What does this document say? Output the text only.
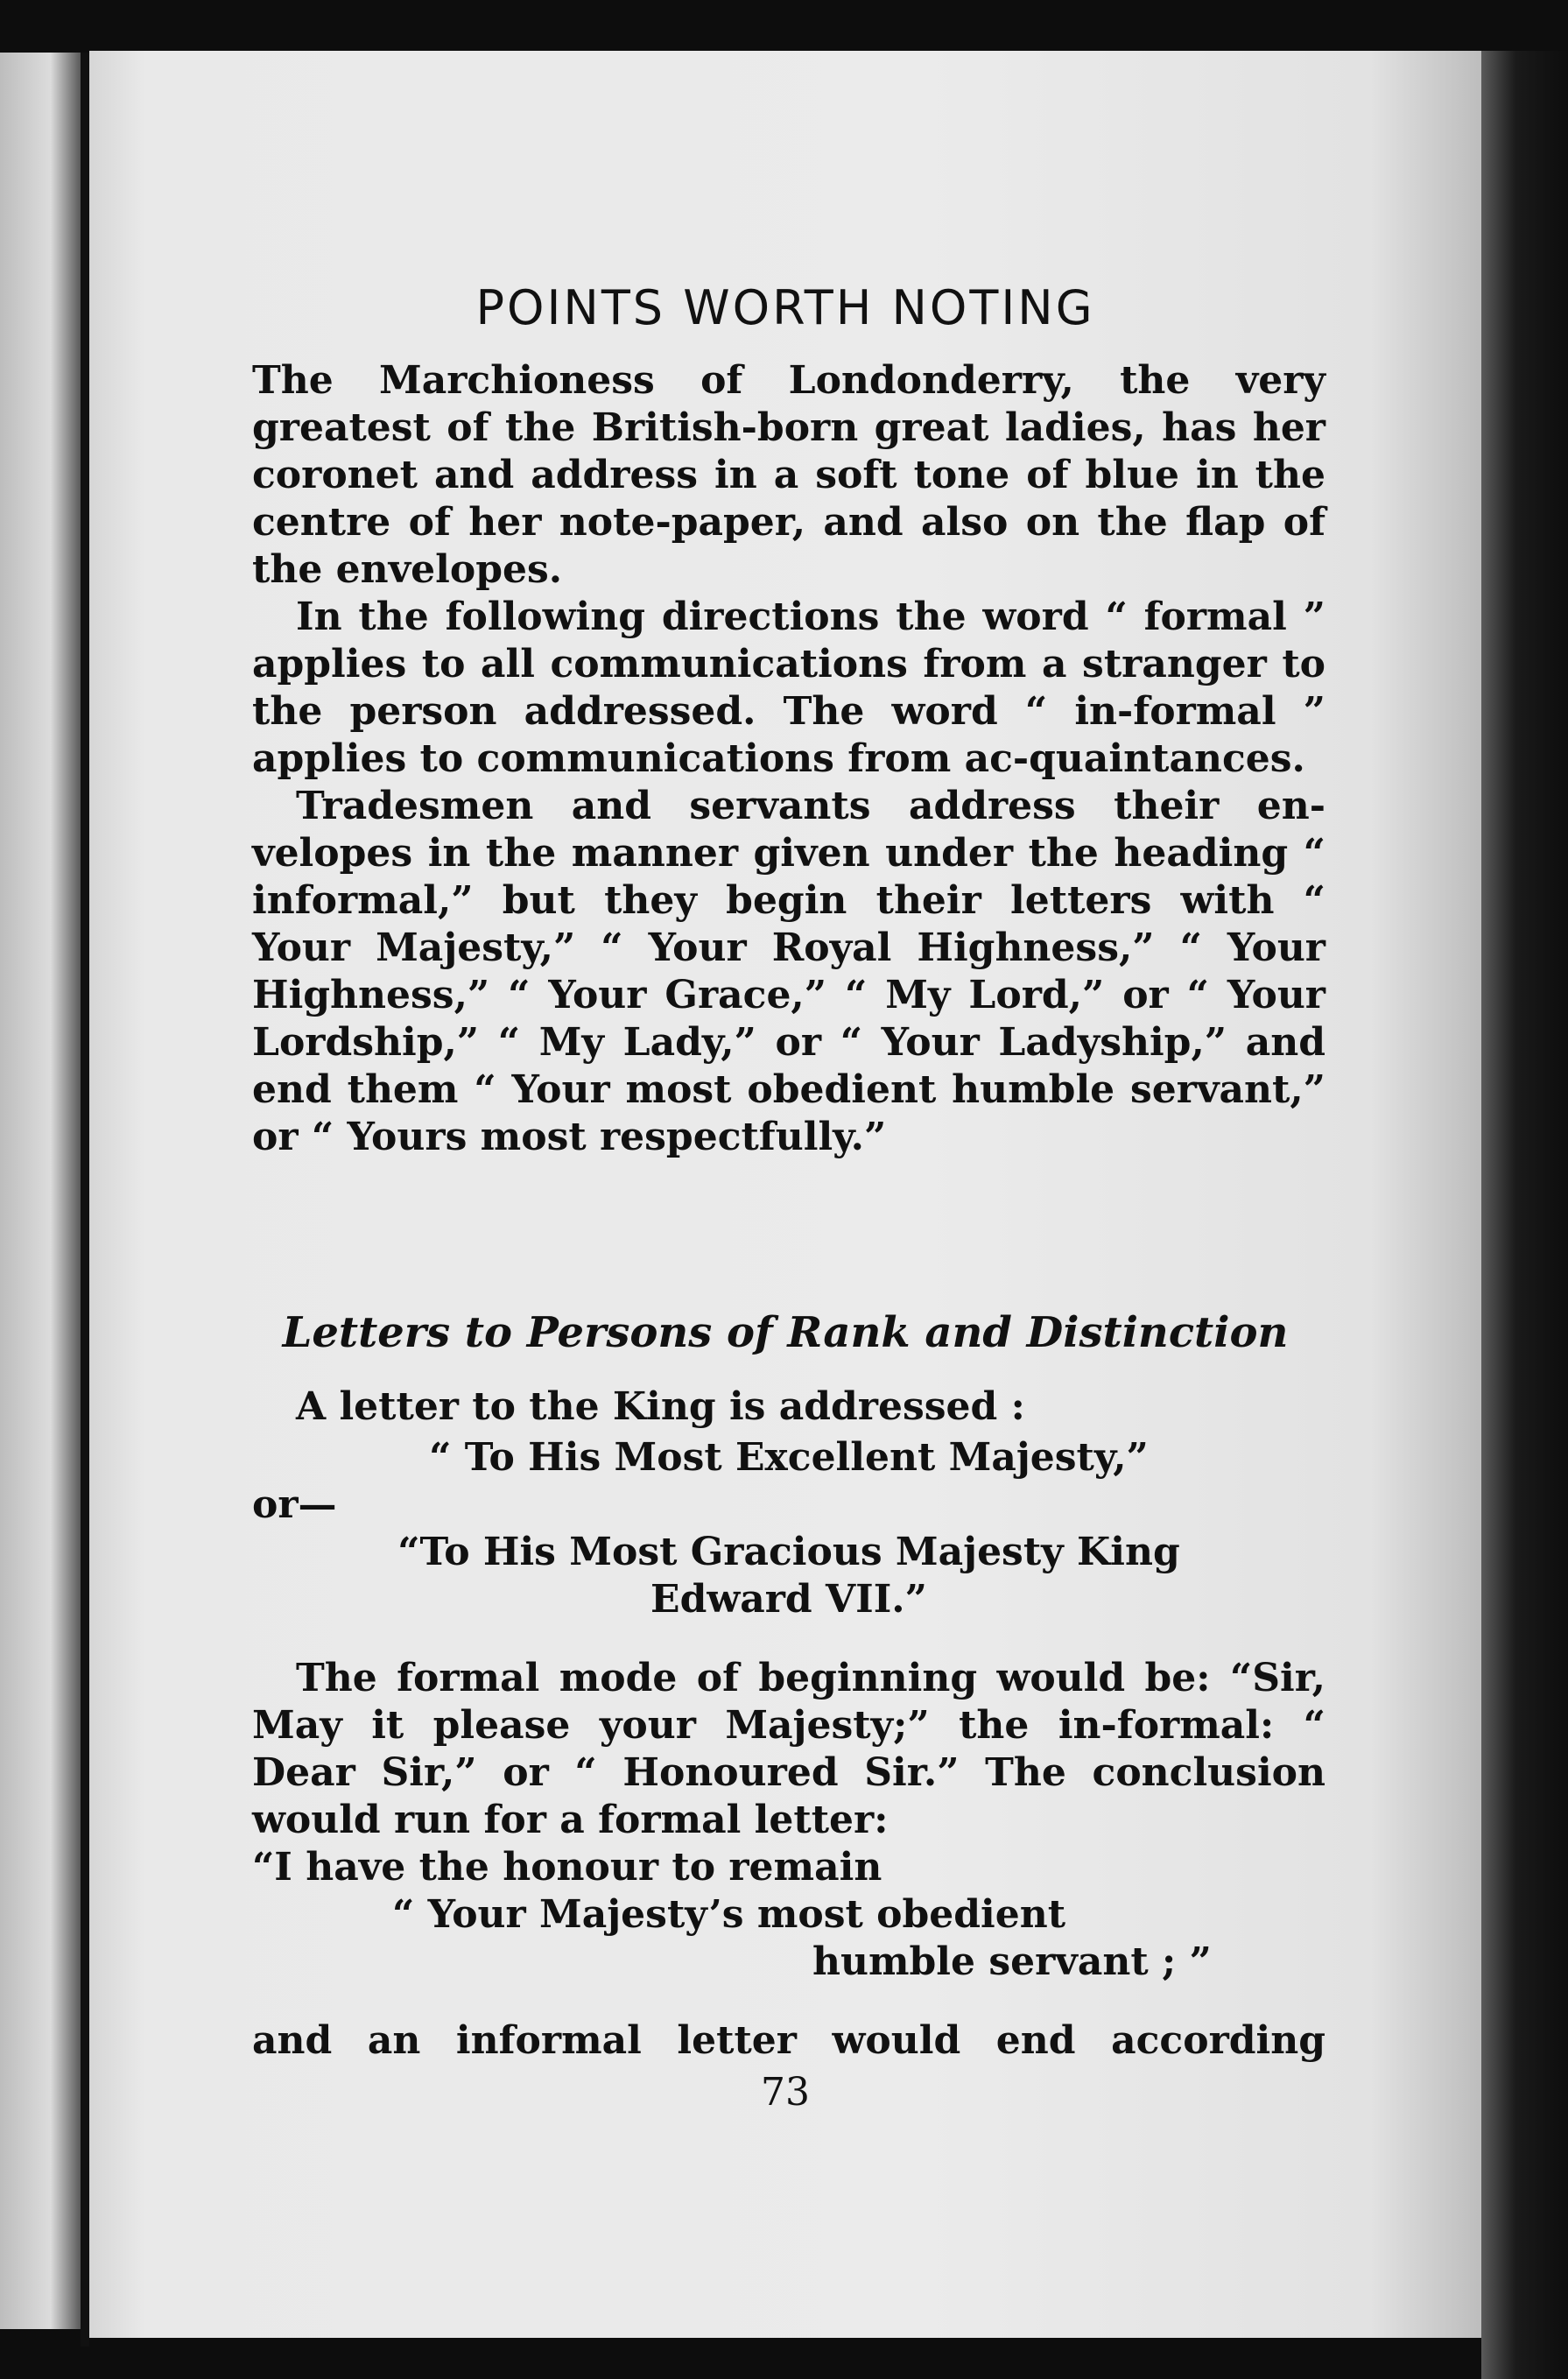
POINTS WORTH NOTING

The Marchioness of Londonderry, the very greatest of the British-born great ladies, has her coronet and address in a soft tone of blue in the centre of her note-paper, and also on the flap of the envelopes.

In the following directions the word “ formal ” applies to all communications from a stranger to the person addressed. The word “ in-formal ” applies to communications from ac-quaintances.

Tradesmen and servants address their en-velopes in the manner given under the heading “ informal,” but they begin their letters with “ Your Majesty,” “ Your Royal Highness,” “ Your Highness,” “ Your Grace,” “ My Lord,” or “ Your Lordship,” “ My Lady,” or “ Your Ladyship,” and end them “ Your most obedient humble servant,” or “ Yours most respectfully.”

Letters to Persons of Rank and Distinction
A letter to the King is addressed :
“ To His Most Excellent Majesty,”
or—
“To His Most Gracious Majesty King
Edward VII.”

The formal mode of beginning would be: “Sir, May it please your Majesty;” the in-formal: “ Dear Sir,” or “ Honoured Sir.” The conclusion would run for a formal letter:

“I have the honour to remain
“ Your Majesty’s most obedient
humble servant ; ”
and an informal letter would end according
73
